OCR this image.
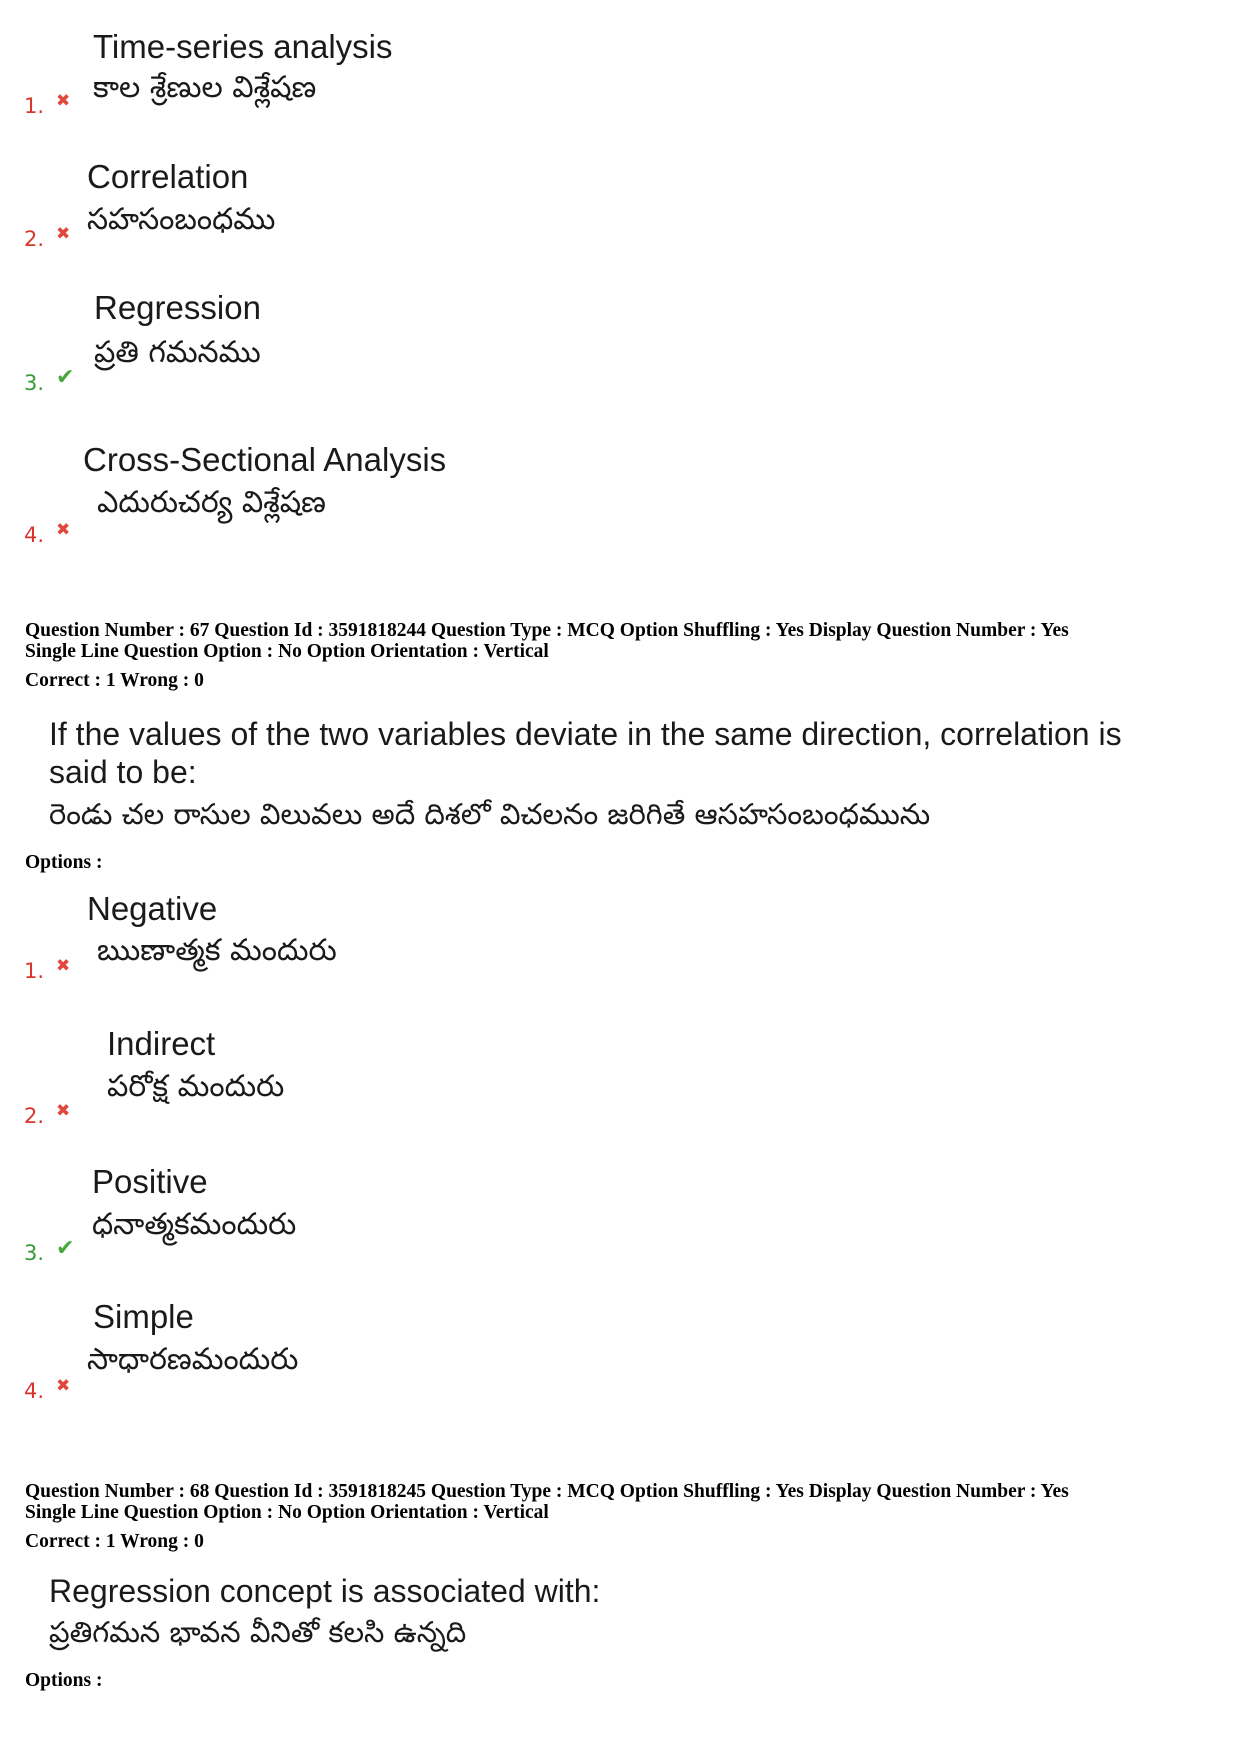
Time-series analysis
కాల శ్రేణుల విశ్లేషణ
1. ✖
Correlation
సహసంబంధము
2. ✖
Regression
ప్రతి గమనము
3. ✔
Cross-Sectional Analysis
ఎదురుచర్య విశ్లేషణ
4. ✖
Question Number : 67 Question Id : 3591818244 Question Type : MCQ Option Shuffling : Yes Display Question Number : Yes
Single Line Question Option : No Option Orientation : Vertical
Correct : 1 Wrong : 0
If the values of the two variables deviate in the same direction, correlation is
said to be:
రెండు చల రాసుల విలువలు అదే దిశలో విచలనం జరిగితే ఆసహసంబంధమును
Options :
Negative
ఋణాత్మక మందురు
1. ✖
Indirect
పరోక్ష మందురు
2. ✖
Positive
ధనాత్మకమందురు
3. ✔
Simple
సాధారణమందురు
4. ✖
Question Number : 68 Question Id : 3591818245 Question Type : MCQ Option Shuffling : Yes Display Question Number : Yes
Single Line Question Option : No Option Orientation : Vertical
Correct : 1 Wrong : 0
Regression concept is associated with:
ప్రతిగమన భావన వీనితో కలసి ఉన్నది
Options :
